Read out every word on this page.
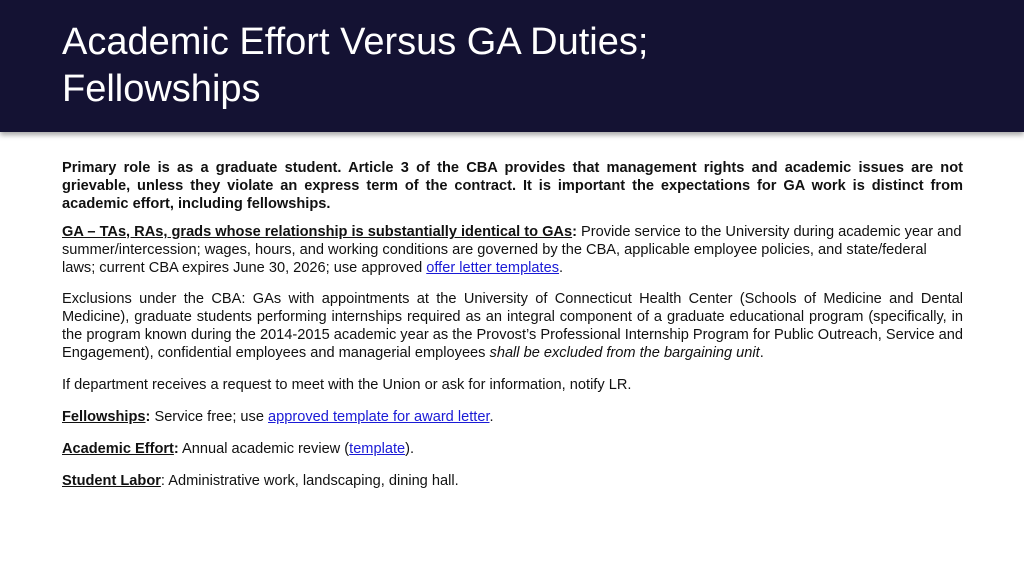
Academic Effort Versus GA Duties;
Fellowships

Primary role is as a graduate student. Article 3 of the CBA provides that management rights and academic issues are not grievable, unless they violate an express term of the contract. It is important the expectations for GA work is distinct from academic effort, including fellowships.

GA – TAs, RAs, grads whose relationship is substantially identical to GAs: Provide service to the University during academic year and summer/intercession; wages, hours, and working conditions are governed by the CBA, applicable employee policies, and state/federal laws; current CBA expires June 30, 2026; use approved offer letter templates.

Exclusions under the CBA: GAs with appointments at the University of Connecticut Health Center (Schools of Medicine and Dental Medicine), graduate students performing internships required as an integral component of a graduate educational program (specifically, in the program known during the 2014-2015 academic year as the Provost’s Professional Internship Program for Public Outreach, Service and Engagement), confidential employees and managerial employees shall be excluded from the bargaining unit.

If department receives a request to meet with the Union or ask for information, notify LR.

Fellowships: Service free; use approved template for award letter.

Academic Effort: Annual academic review (template).

Student Labor: Administrative work, landscaping, dining hall.
